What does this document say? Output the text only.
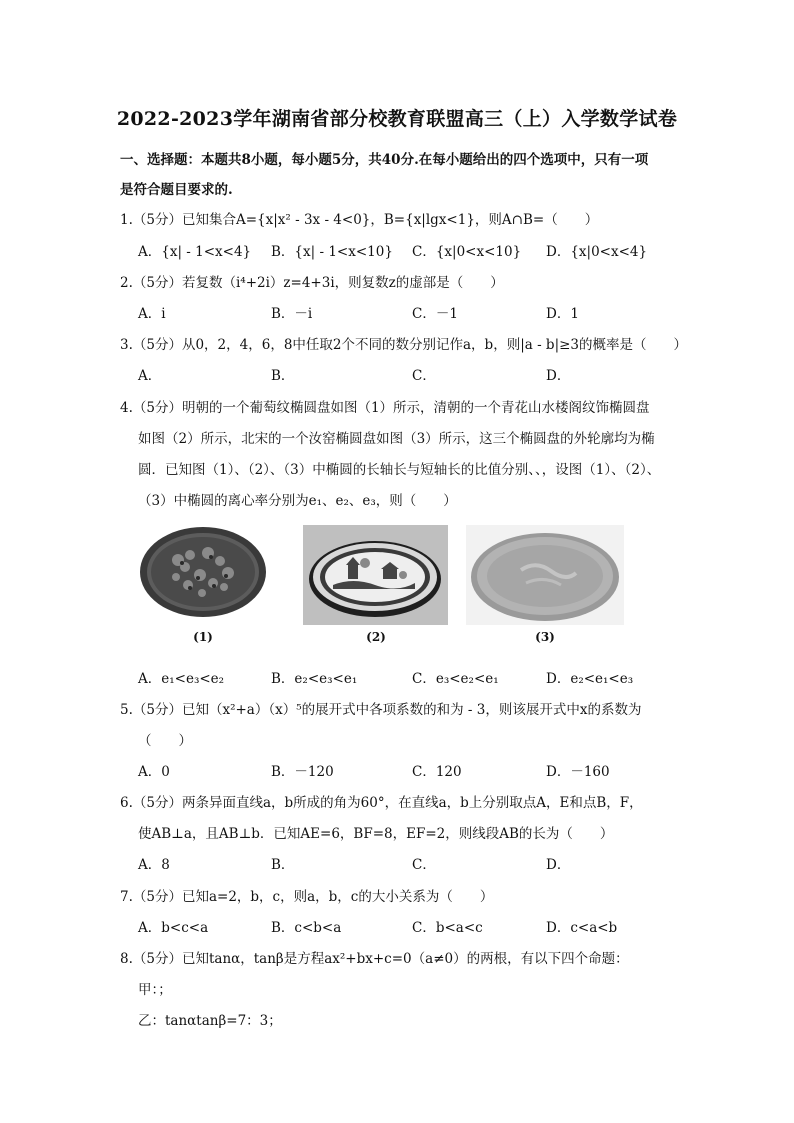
2022-2023学年湖南省部分校教育联盟高三（上）入学数学试卷
一、选择题：本题共8小题，每小题5分，共40分.在每小题给出的四个选项中，只有一项
是符合题目要求的.
1.（5分）已知集合A={x|x² - 3x - 4<0}，B={x|lgx<1}，则A∩B=（　　）
A．{x| - 1<x<4} B．{x| - 1<x<10} C．{x|0<x<10} D．{x|0<x<4}
2.（5分）若复数（i⁴+2i）z=4+3i，则复数z的虚部是（　　）
A．i	B．－i	C．－1	D．1
3.（5分）从0，2，4，6，8中任取2个不同的数分别记作a，b，则|a - b|≥3的概率是（　　）
A．	B．	C．	D．
4.（5分）明朝的一个葡萄纹椭圆盘如图（1）所示，清朝的一个青花山水楼阁纹饰椭圆盘
如图（2）所示，北宋的一个汝窑椭圆盘如图（3）所示，这三个椭圆盘的外轮廓均为椭
圆．已知图（1）、（2）、（3）中椭圆的长轴长与短轴长的比值分别、、，设图（1）、（2）、
（3）中椭圆的离心率分别为e₁、e₂、e₃，则（　　）
(1)	(2)	(3)
A．e₁<e₃<e₂	B．e₂<e₃<e₁	C．e₃<e₂<e₁	D．e₂<e₁<e₃
5.（5分）已知（x²+a）（x）⁵的展开式中各项系数的和为 - 3，则该展开式中x的系数为
（　　）
A．0	B．－120	C．120	D．－160
6.（5分）两条异面直线a，b所成的角为60°，在直线a，b上分别取点A，E和点B，F，
使AB⊥a，且AB⊥b．已知AE=6，BF=8，EF=2，则线段AB的长为（　　）
A．8	B．	C．	D．
7.（5分）已知a=2，b，c，则a，b，c的大小关系为（　　）
A．b<c<a	B．c<b<a	C．b<a<c	D．c<a<b
8.（5分）已知tanα，tanβ是方程ax²+bx+c=0（a≠0）的两根，有以下四个命题：
甲：；
乙：tanαtanβ=7：3；
